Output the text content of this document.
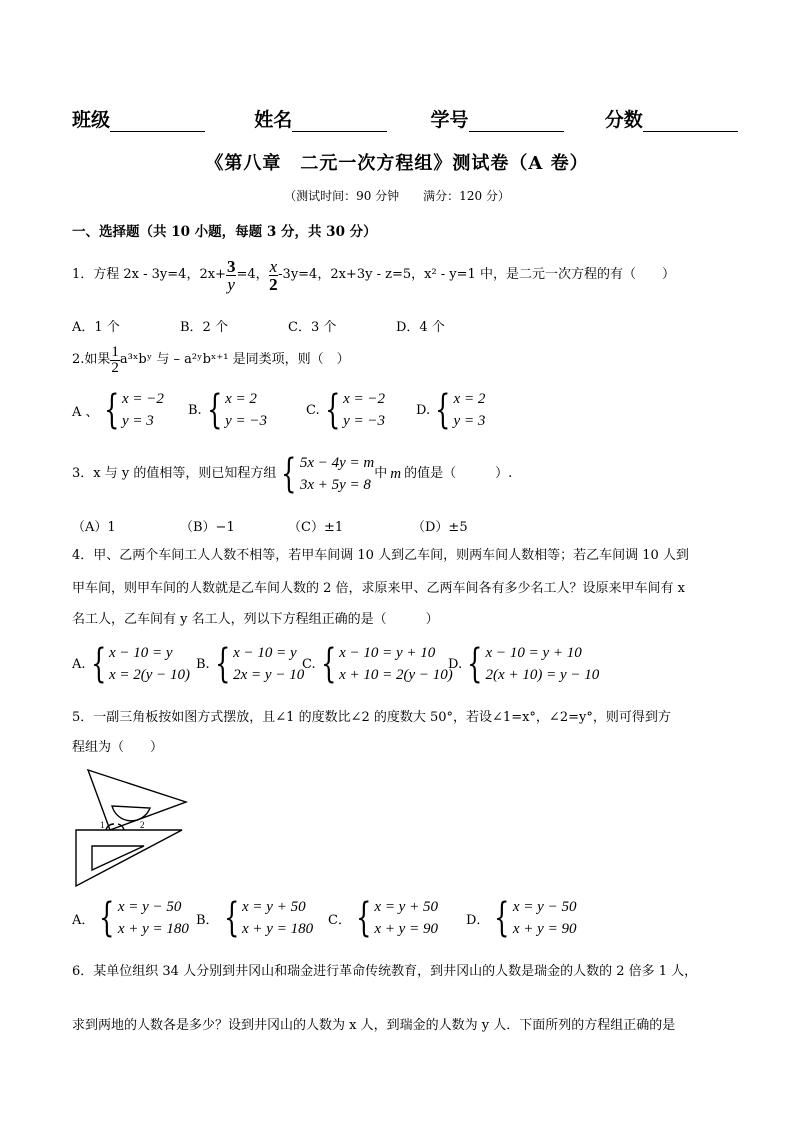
班级	姓名	学号	分数
《第八章　二元一次方程组》测试卷（A 卷）
（测试时间：90 分钟　　满分：120 分）
一、选择题（共 10 小题，每题 3 分，共 30 分）
1．方程 2x - 3y=4，$2x+ \frac{3}{y} =4$， $\frac{x}{2} -3y=4$，2x+3y - z=5，x² - y=1 中，是二元一次方程的有（　　）
A．1 个	B．2 个	C．3 个	D．4 个
2.如果 $\frac{1}{2}$ a³ˣbʸ 与 – a²ʸbˣ⁺¹ 是同类项，则（　）
A 、 { x = −2
y = 3
B. { x = 2
y = −3
C. { x = −2
y = −3
D. { x = 2
y = 3
3．x 与 y 的值相等，则已知程方组 { 5x − 4y = m
3x + 5y = 8
中 m 的值是（　　　）.
（A）1	（B）−1	（C）±1	（D）±5
4．甲、乙两个车间工人人数不相等，若甲车间调 10 人到乙车间，则两车间人数相等；若乙车间调 10 人到
甲车间，则甲车间的人数就是乙车间人数的 2 倍，求原来甲、乙两车间各有多少名工人？设原来甲车间有 x
名工人，乙车间有 y 名工人，列以下方程组正确的是（　　　）
A. { x − 10 = y
x = 2(y − 10)
B. { x − 10 = y
2x = y − 10
C. { x − 10 = y + 10
x + 10 = 2(y − 10)
D. { x − 10 = y + 10
2(x + 10) = y − 10
5．一副三角板按如图方式摆放，且∠1 的度数比∠2 的度数大 50°，若设∠1=x°，∠2=y°，则可得到方
程组为（　　）
1	2
A． { x = y − 50
x + y = 180
B． { x = y + 50
x + y = 180
C． { x = y + 50
x + y = 90
D． { x = y − 50
x + y = 90
6．某单位组织 34 人分别到井冈山和瑞金进行革命传统教育，到井冈山的人数是瑞金的人数的 2 倍多 1 人，
求到两地的人数各是多少？设到井冈山的人数为 x 人，到瑞金的人数为 y 人．下面所列的方程组正确的是
